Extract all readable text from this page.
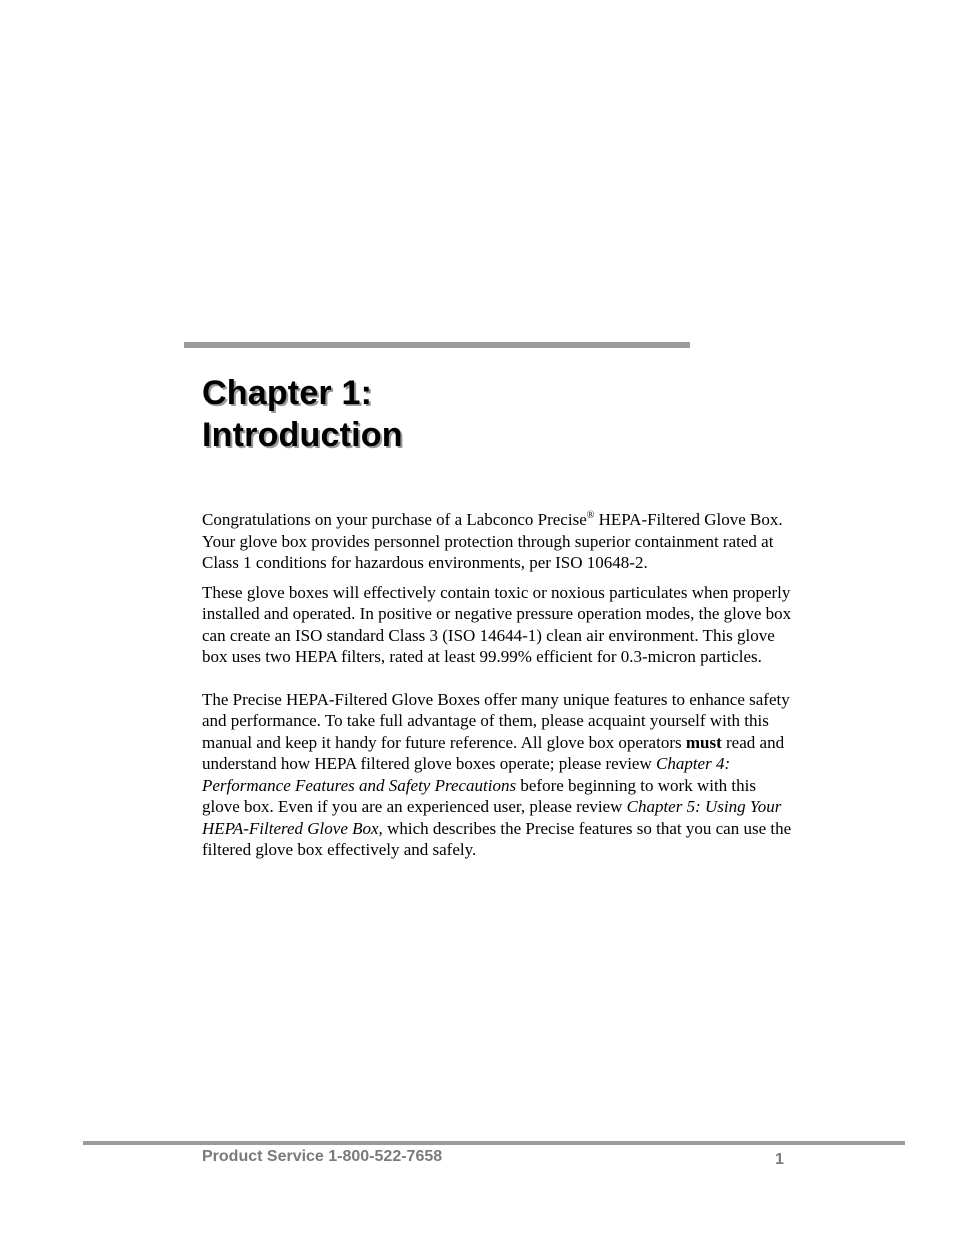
Chapter 1:
Introduction

Congratulations on your purchase of a Labconco Precise® HEPA-Filtered Glove Box. Your glove box provides personnel protection through superior containment rated at Class 1 conditions for hazardous environments, per ISO 10648-2.

These glove boxes will effectively contain toxic or noxious particulates when properly installed and operated. In positive or negative pressure operation modes, the glove box can create an ISO standard Class 3 (ISO 14644-1) clean air environment. This glove box uses two HEPA filters, rated at least 99.99% efficient for 0.3-micron particles.

The Precise HEPA-Filtered Glove Boxes offer many unique features to enhance safety and performance. To take full advantage of them, please acquaint yourself with this manual and keep it handy for future reference. All glove box operators must read and understand how HEPA filtered glove boxes operate; please review Chapter 4: Performance Features and Safety Precautions before beginning to work with this glove box. Even if you are an experienced user, please review Chapter 5: Using Your HEPA-Filtered Glove Box, which describes the Precise features so that you can use the filtered glove box effectively and safely.

Product Service 1-800-522-7658	1
